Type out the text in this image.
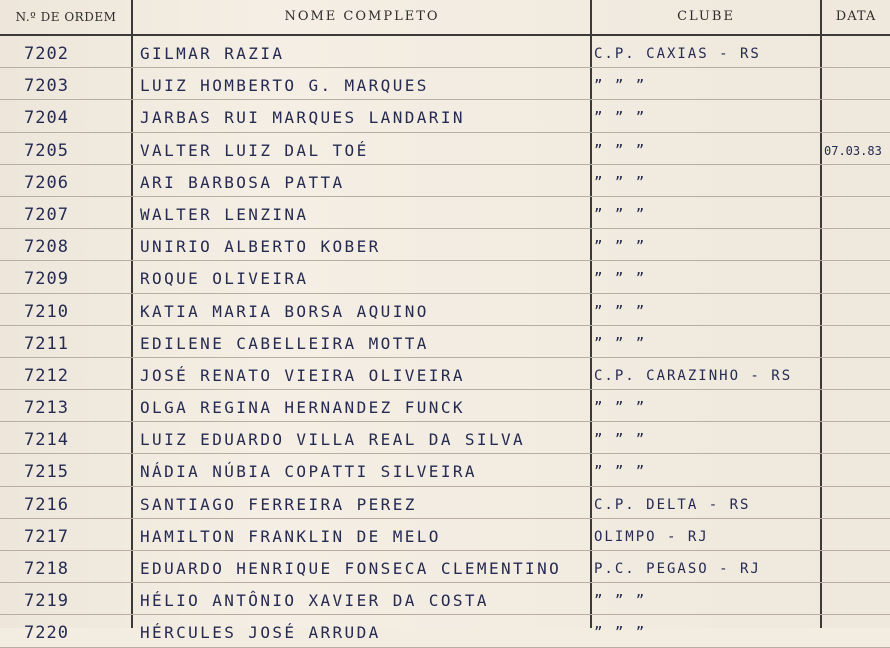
N.º DE ORDEM	NOME COMPLETO	CLUBE	DATA
7202	GILMAR RAZIA	C.P. CAXIAS - RS
7203	LUIZ HOMBERTO G. MARQUES	” ” ”
7204	JARBAS RUI MARQUES LANDARIN	” ” ”
7205	VALTER LUIZ DAL TOÉ	” ” ”	07.03.83
7206	ARI BARBOSA PATTA	” ” ”
7207	WALTER LENZINA	” ” ”
7208	UNIRIO ALBERTO KOBER	” ” ”
7209	ROQUE OLIVEIRA	” ” ”
7210	KATIA MARIA BORSA AQUINO	” ” ”
7211	EDILENE CABELLEIRA MOTTA	” ” ”
7212	JOSÉ RENATO VIEIRA OLIVEIRA	C.P. CARAZINHO - RS
7213	OLGA REGINA HERNANDEZ FUNCK	” ” ”
7214	LUIZ EDUARDO VILLA REAL DA SILVA	” ” ”
7215	NÁDIA NÚBIA COPATTI SILVEIRA	” ” ”
7216	SANTIAGO FERREIRA PEREZ	C.P. DELTA - RS
7217	HAMILTON FRANKLIN DE MELO	OLIMPO - RJ
7218	EDUARDO HENRIQUE FONSECA CLEMENTINO	P.C. PEGASO - RJ
7219	HÉLIO ANTÔNIO XAVIER DA COSTA	” ” ”
7220	HÉRCULES JOSÉ ARRUDA	” ” ”
